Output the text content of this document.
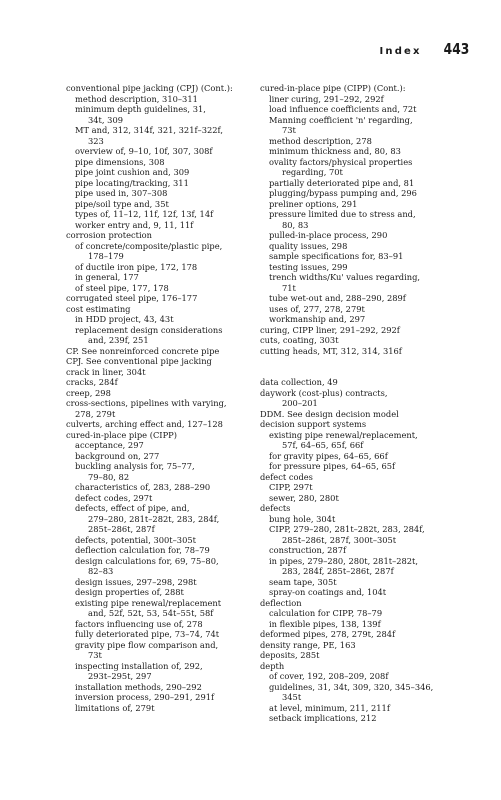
Index 443
conventional pipe jacking (CPJ) (Cont.):
method description, 310–311
minimum depth guidelines, 31,
34t, 309
MT and, 312, 314f, 321, 321f–322f,
323
overview of, 9–10, 10f, 307, 308f
pipe dimensions, 308
pipe joint cushion and, 309
pipe locating/tracking, 311
pipe used in, 307–308
pipe/soil type and, 35t
types of, 11–12, 11f, 12f, 13f, 14f
worker entry and, 9, 11, 11f
corrosion protection
of concrete/composite/plastic pipe,
178–179
of ductile iron pipe, 172, 178
in general, 177
of steel pipe, 177, 178
corrugated steel pipe, 176–177
cost estimating
in HDD project, 43, 43t
replacement design considerations
and, 239f, 251
CP. See nonreinforced concrete pipe
CPJ. See conventional pipe jacking
crack in liner, 304t
cracks, 284f
creep, 298
cross-sections, pipelines with varying,
278, 279t
culverts, arching effect and, 127–128
cured-in-place pipe (CIPP)
acceptance, 297
background on, 277
buckling analysis for, 75–77,
79–80, 82
characteristics of, 283, 288–290
defect codes, 297t
defects, effect of pipe, and,
279–280, 281t–282t, 283, 284f,
285t–286t, 287f
defects, potential, 300t–305t
deflection calculation for, 78–79
design calculations for, 69, 75–80,
82–83
design issues, 297–298, 298t
design properties of, 288t
existing pipe renewal/replacement
and, 52f, 52t, 53, 54t–55t, 58f
factors influencing use of, 278
fully deteriorated pipe, 73–74, 74t
gravity pipe flow comparison and,
73t
inspecting installation of, 292,
293t–295t, 297
installation methods, 290–292
inversion process, 290–291, 291f
limitations of, 279t
cured-in-place pipe (CIPP) (Cont.):
liner curing, 291–292, 292f
load influence coefficients and, 72t
Manning coefficient 'n' regarding,
73t
method description, 278
minimum thickness and, 80, 83
ovality factors/physical properties
regarding, 70t
partially deteriorated pipe and, 81
plugging/bypass pumping and, 296
preliner options, 291
pressure limited due to stress and,
80, 83
pulled-in-place process, 290
quality issues, 298
sample specifications for, 83–91
testing issues, 299
trench widths/Ku' values regarding,
71t
tube wet-out and, 288–290, 289f
uses of, 277, 278, 279t
workmanship and, 297
curing, CIPP liner, 291–292, 292f
cuts, coating, 303t
cutting heads, MT, 312, 314, 316f
data collection, 49
daywork (cost-plus) contracts,
200–201
DDM. See design decision model
decision support systems
existing pipe renewal/replacement,
57f, 64–65, 65f, 66f
for gravity pipes, 64–65, 66f
for pressure pipes, 64–65, 65f
defect codes
CIPP, 297t
sewer, 280, 280t
defects
bung hole, 304t
CIPP, 279–280, 281t–282t, 283, 284f,
285t–286t, 287f, 300t–305t
construction, 287f
in pipes, 279–280, 280t, 281t–282t,
283, 284f, 285t–286t, 287f
seam tape, 305t
spray-on coatings and, 104t
deflection
calculation for CIPP, 78–79
in flexible pipes, 138, 139f
deformed pipes, 278, 279t, 284f
density range, PE, 163
deposits, 285t
depth
of cover, 192, 208–209, 208f
guidelines, 31, 34t, 309, 320, 345–346,
345t
at level, minimum, 211, 211f
setback implications, 212
